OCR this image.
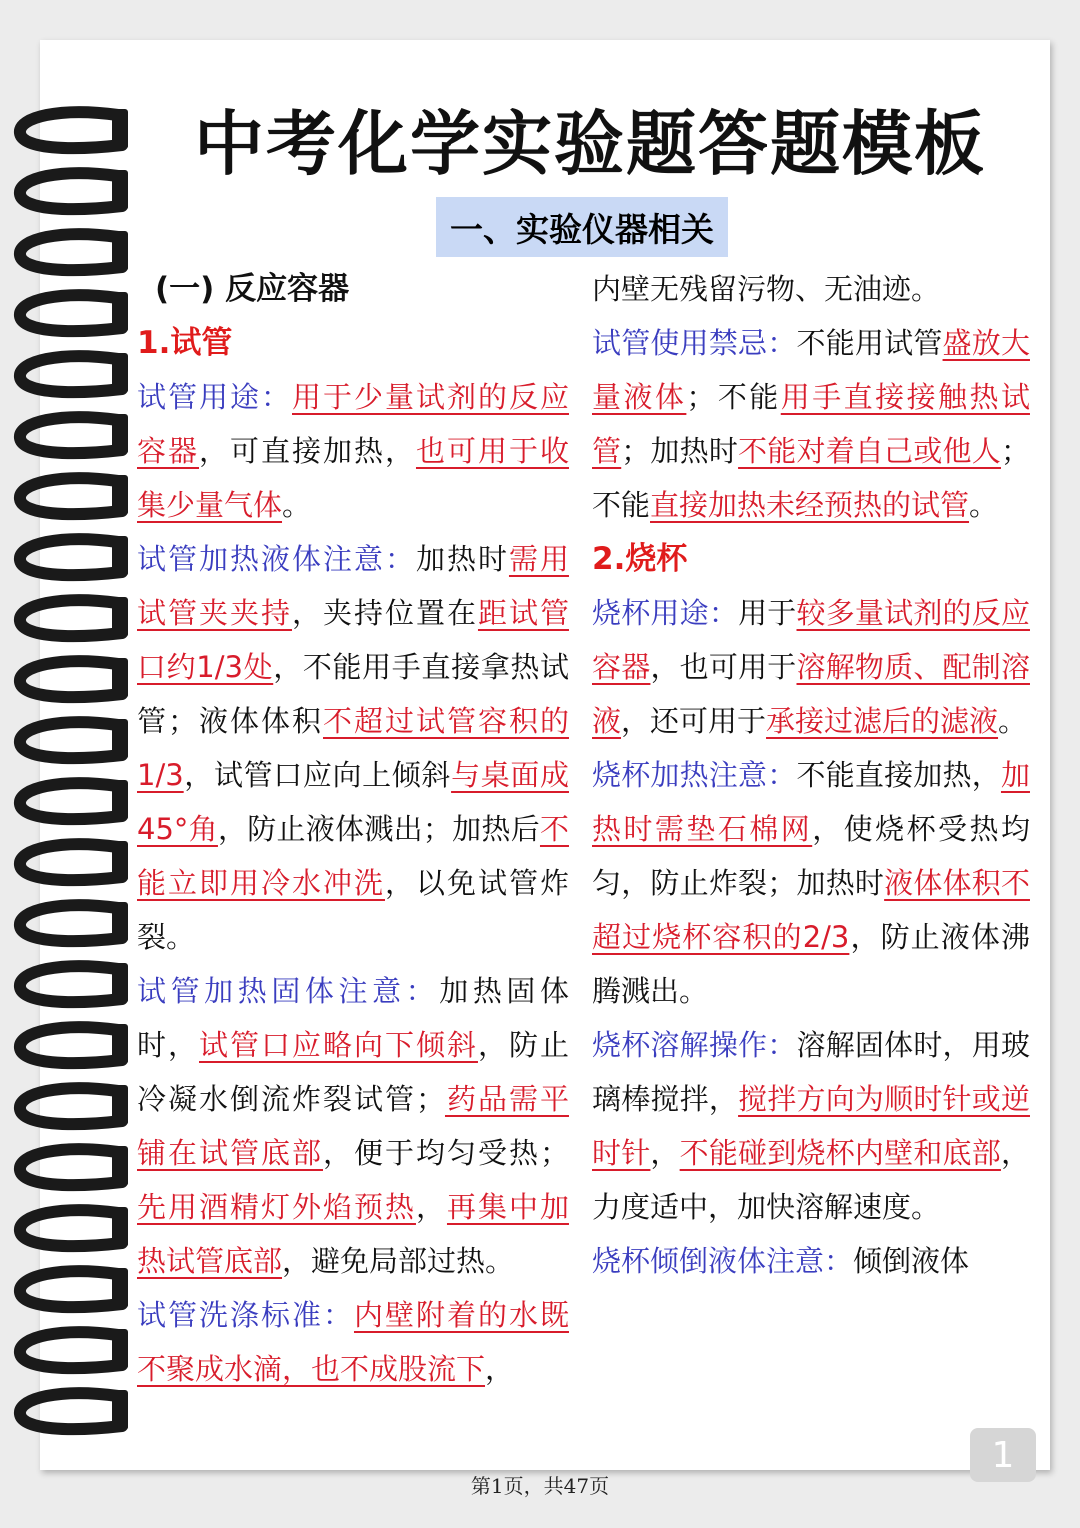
中考化学实验题答题模板
一、实验仪器相关
(一) 反应容器
1.试管
试管用途：用于少量试剂的反应容器，可直接加热，也可用于收集少量气体。
试管加热液体注意：加热时需用试管夹夹持，夹持位置在距试管口约1/3处，不能用手直接拿热试管；液体体积不超过试管容积的1/3，试管口应向上倾斜与桌面成45°角，防止液体溅出；加热后不能立即用冷水冲洗，以免试管炸裂。
试管加热固体注意：加热固体时，试管口应略向下倾斜，防止冷凝水倒流炸裂试管；药品需平铺在试管底部，便于均匀受热；先用酒精灯外焰预热，再集中加热试管底部，避免局部过热。
试管洗涤标准：内壁附着的水既不聚成水滴，也不成股流下，
内壁无残留污物、无油迹。
试管使用禁忌：不能用试管盛放大量液体；不能用手直接接触热试管；加热时不能对着自己或他人；不能直接加热未经预热的试管。
2.烧杯
烧杯用途：用于较多量试剂的反应容器，也可用于溶解物质、配制溶液，还可用于承接过滤后的滤液。
烧杯加热注意：不能直接加热，加热时需垫石棉网，使烧杯受热均匀，防止炸裂；加热时液体体积不超过烧杯容积的2/3，防止液体沸腾溅出。
烧杯溶解操作：溶解固体时，用玻璃棒搅拌，搅拌方向为顺时针或逆时针，不能碰到烧杯内壁和底部，力度适中，加快溶解速度。
烧杯倾倒液体注意：倾倒液体
第1页，共47页
1
